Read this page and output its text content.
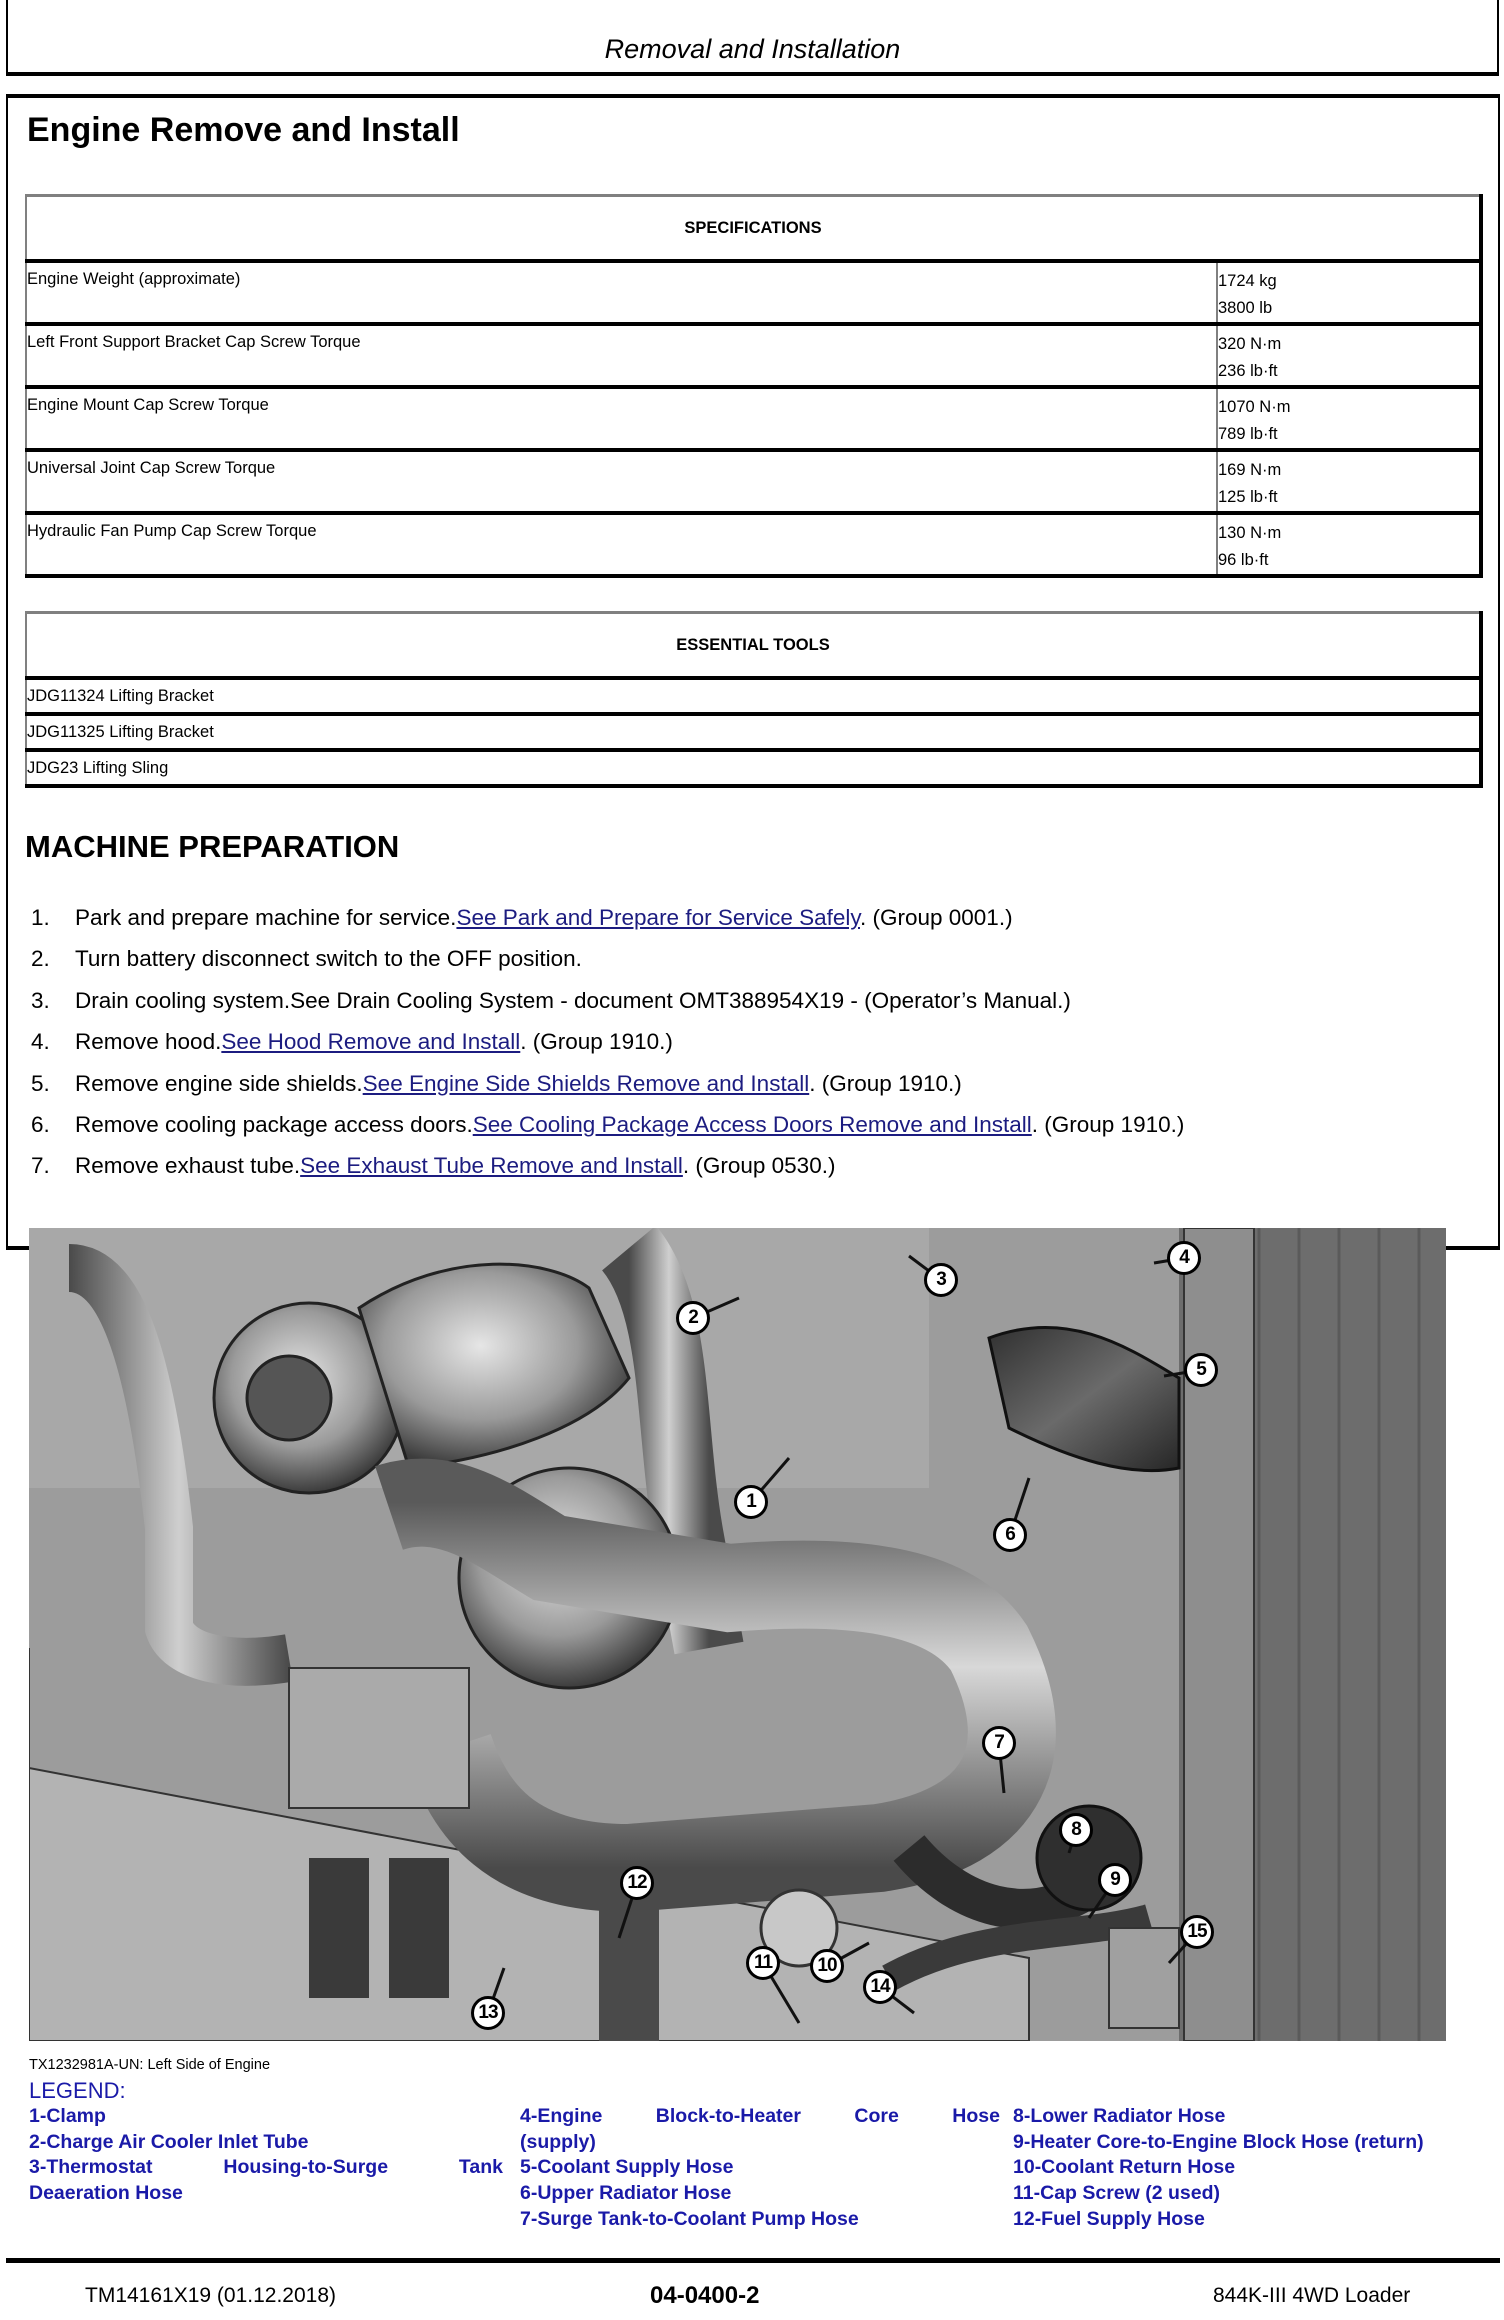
Removal and Installation
Engine Remove and Install
SPECIFICATIONS	
Engine Weight (approximate)	1724 kg
3800 lb

Left Front Support Bracket Cap Screw Torque	320 N·m
236 lb·ft

Engine Mount Cap Screw Torque	1070 N·m
789 lb·ft

Universal Joint Cap Screw Torque	169 N·m
125 lb·ft

Hydraulic Fan Pump Cap Screw Torque	130 N·m
96 lb·ft
ESSENTIAL TOOLS
JDG11324 Lifting Bracket
JDG11325 Lifting Bracket
JDG23 Lifting Sling
MACHINE PREPARATION
1.	Park and prepare machine for service.See Park and Prepare for Service Safely. (Group 0001.)
2.	Turn battery disconnect switch to the OFF position.
3.	Drain cooling system.See Drain Cooling System - document OMT388954X19 - (Operator’s Manual.)
4.	Remove hood.See Hood Remove and Install. (Group 1910.)
5.	Remove engine side shields.See Engine Side Shields Remove and Install. (Group 1910.)
6.	Remove cooling package access doors.See Cooling Package Access Doors Remove and Install. (Group 1910.)
7.	Remove exhaust tube.See Exhaust Tube Remove and Install. (Group 0530.)
1
2
3
4
5
6
7
8
9
10
11
12
13
14
15
TX1232981A-UN: Left Side of Engine
LEGEND:
1-Clamp
2-Charge Air Cooler Inlet Tube
3-Thermostat	Housing-to-Surge	Tank
Deaeration Hose
4-Engine	Block-to-Heater	Core	Hose
(supply)
5-Coolant Supply Hose
6-Upper Radiator Hose
7-Surge Tank-to-Coolant Pump Hose
8-Lower Radiator Hose
9-Heater Core-to-Engine Block Hose (return)
10-Coolant Return Hose
11-Cap Screw (2 used)
12-Fuel Supply Hose
TM14161X19 (01.12.2018)	04-0400-2	844K-III 4WD Loader
